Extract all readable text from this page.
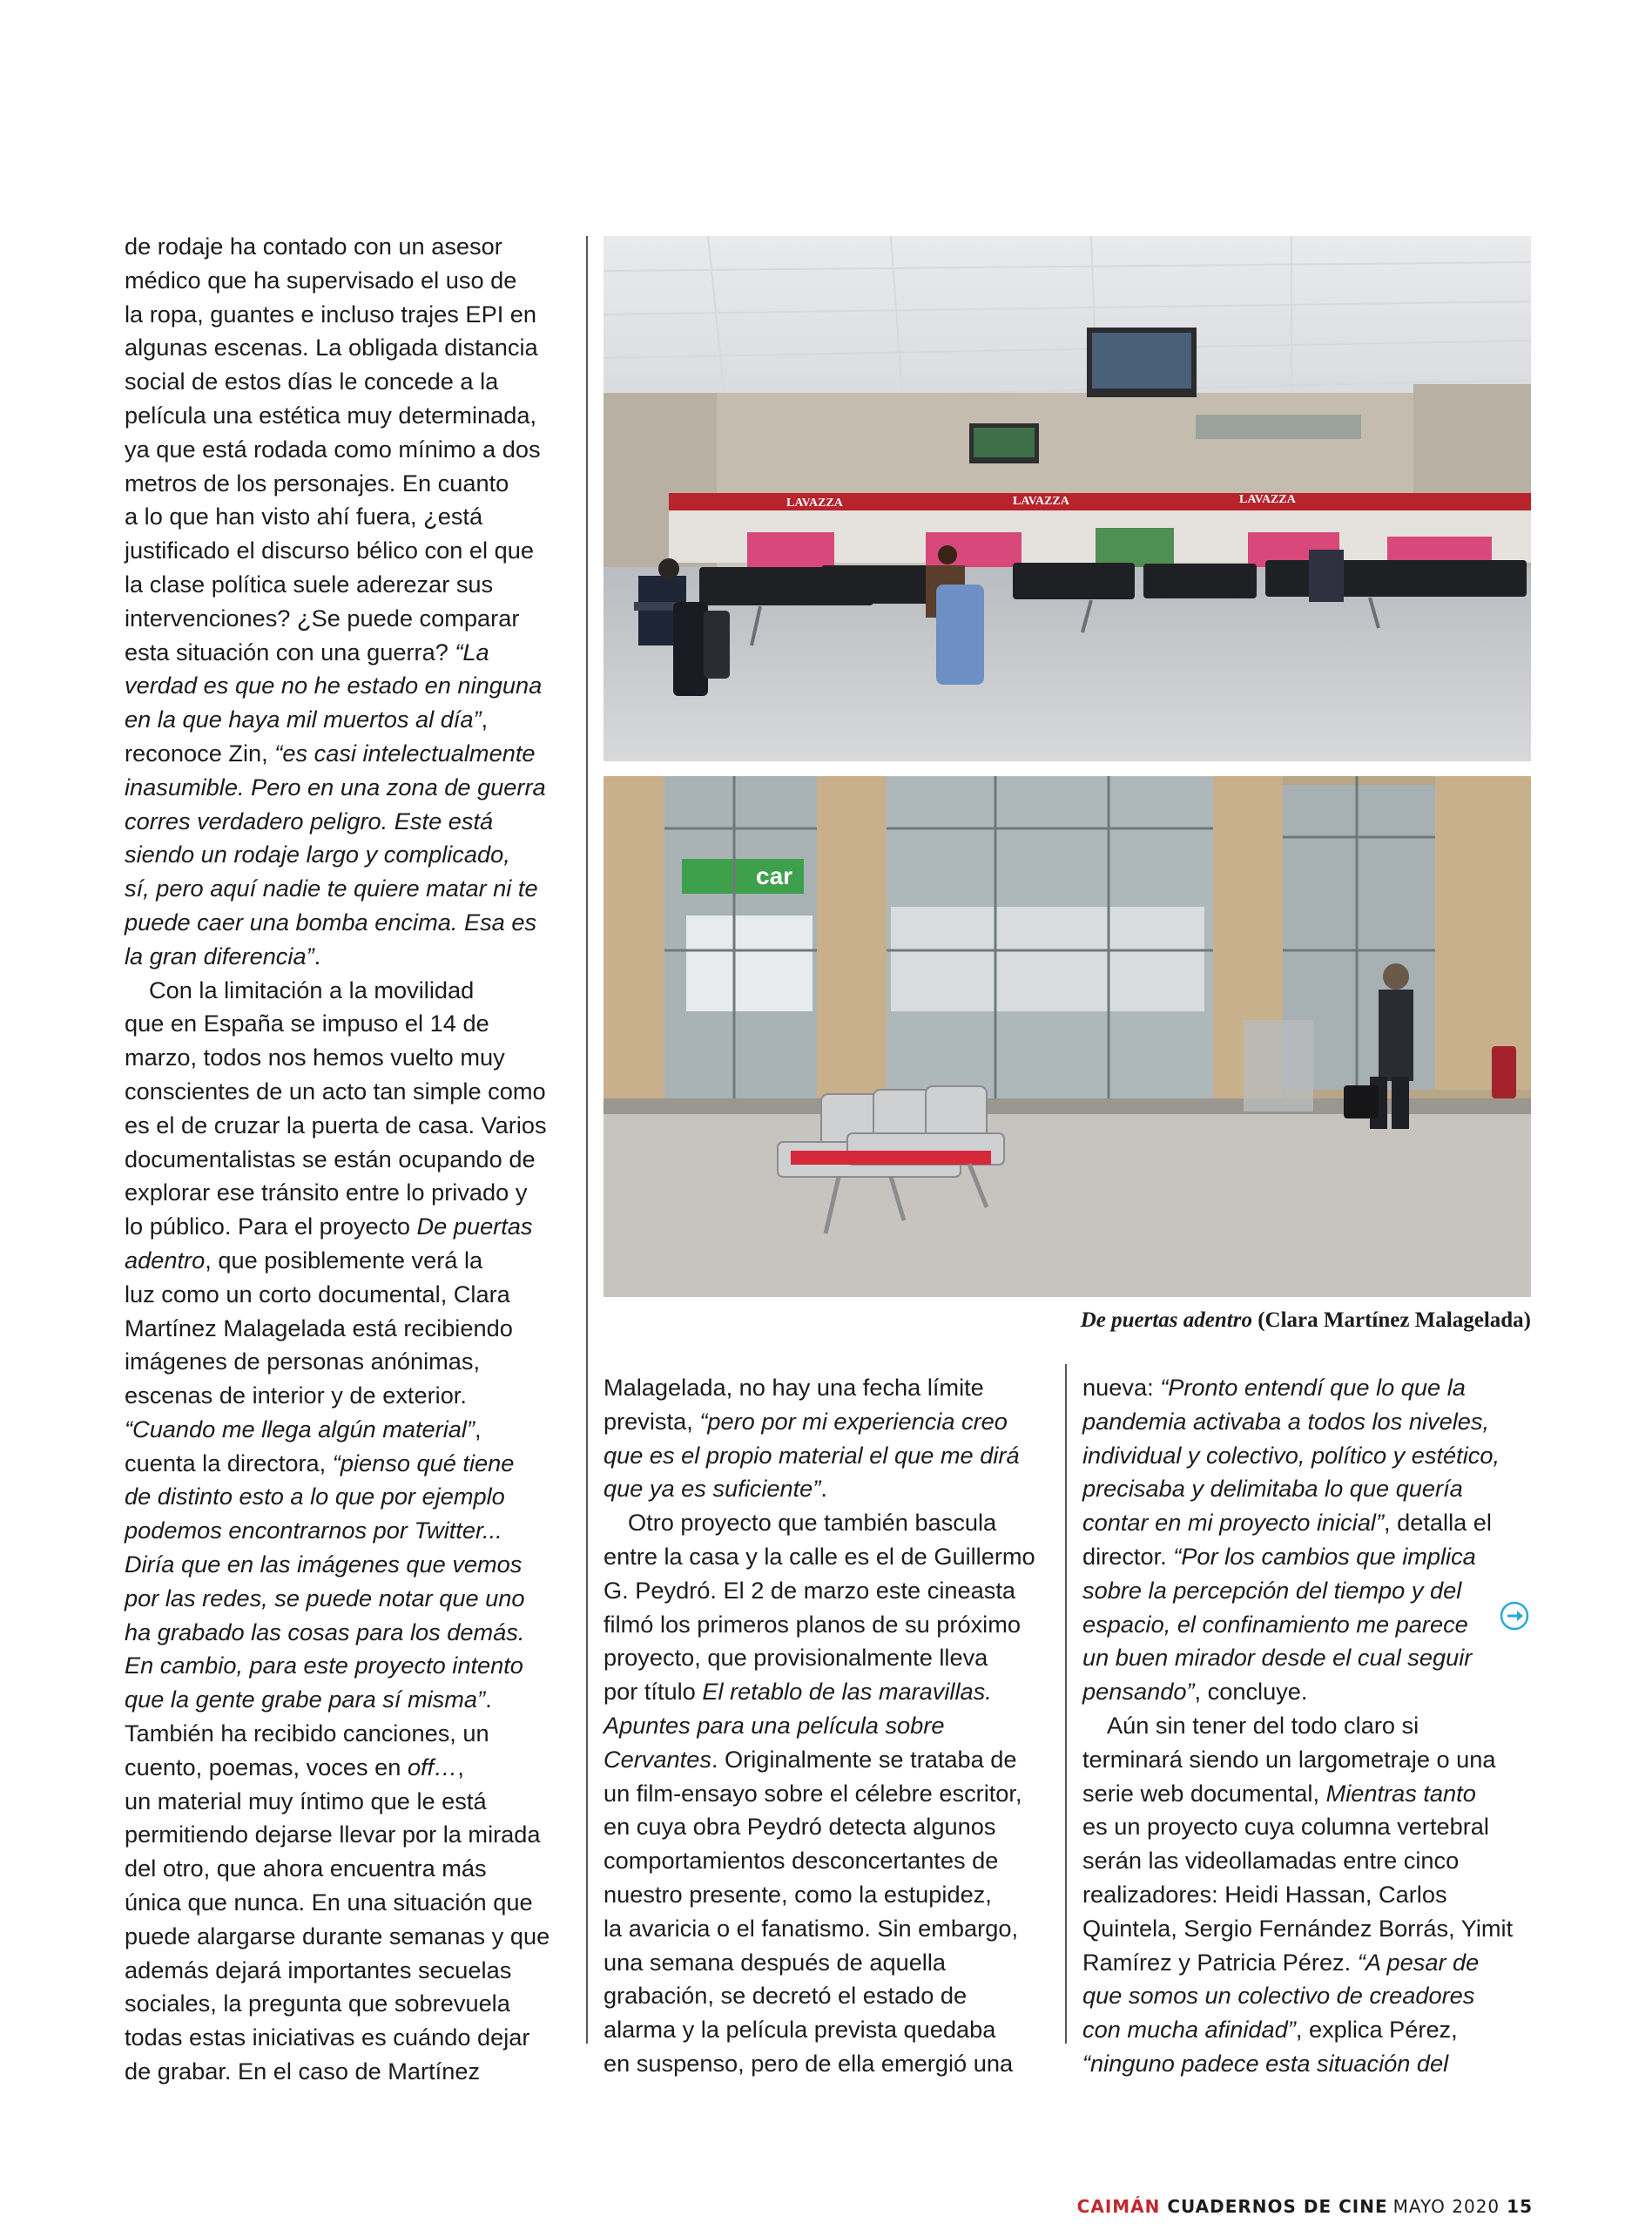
de rodaje ha contado con un asesor
médico que ha supervisado el uso de
la ropa, guantes e incluso trajes EPI en
algunas escenas. La obligada distancia
social de estos días le concede a la
película una estética muy determinada,
ya que está rodada como mínimo a dos
metros de los personajes. En cuanto
a lo que han visto ahí fuera, ¿está
justificado el discurso bélico con el que
la clase política suele aderezar sus
intervenciones? ¿Se puede comparar
esta situación con una guerra? “La
verdad es que no he estado en ninguna
en la que haya mil muertos al día”,
reconoce Zin, “es casi intelectualmente
inasumible. Pero en una zona de guerra
corres verdadero peligro. Este está
siendo un rodaje largo y complicado,
sí, pero aquí nadie te quiere matar ni te
puede caer una bomba encima. Esa es
la gran diferencia”.

Con la limitación a la movilidad
que en España se impuso el 14 de
marzo, todos nos hemos vuelto muy
conscientes de un acto tan simple como
es el de cruzar la puerta de casa. Varios
documentalistas se están ocupando de
explorar ese tránsito entre lo privado y
lo público. Para el proyecto De puertas
adentro, que posiblemente verá la
luz como un corto documental, Clara
Martínez Malagelada está recibiendo
imágenes de personas anónimas,
escenas de interior y de exterior.
“Cuando me llega algún material”,
cuenta la directora, “pienso qué tiene
de distinto esto a lo que por ejemplo
podemos encontrarnos por Twitter...
Diría que en las imágenes que vemos
por las redes, se puede notar que uno
ha grabado las cosas para los demás.
En cambio, para este proyecto intento
que la gente grabe para sí misma”.
También ha recibido canciones, un
cuento, poemas, voces en off…,
un material muy íntimo que le está
permitiendo dejarse llevar por la mirada
del otro, que ahora encuentra más
única que nunca. En una situación que
puede alargarse durante semanas y que
además dejará importantes secuelas
sociales, la pregunta que sobrevuela
todas estas iniciativas es cuándo dejar
de grabar. En el caso de Martínez

LAVAZZA	LAVAZZA	LAVAZZA
car
De puertas adentro (Clara Martínez Malagelada)

Malagelada, no hay una fecha límite
prevista, “pero por mi experiencia creo
que es el propio material el que me dirá
que ya es suficiente”.

Otro proyecto que también bascula
entre la casa y la calle es el de Guillermo
G. Peydró. El 2 de marzo este cineasta
filmó los primeros planos de su próximo
proyecto, que provisionalmente lleva
por título El retablo de las maravillas.
Apuntes para una película sobre
Cervantes. Originalmente se trataba de
un film-ensayo sobre el célebre escritor,
en cuya obra Peydró detecta algunos
comportamientos desconcertantes de
nuestro presente, como la estupidez,
la avaricia o el fanatismo. Sin embargo,
una semana después de aquella
grabación, se decretó el estado de
alarma y la película prevista quedaba
en suspenso, pero de ella emergió una

nueva: “Pronto entendí que lo que la
pandemia activaba a todos los niveles,
individual y colectivo, político y estético,
precisaba y delimitaba lo que quería
contar en mi proyecto inicial”, detalla el
director. “Por los cambios que implica
sobre la percepción del tiempo y del
espacio, el confinamiento me parece
un buen mirador desde el cual seguir
pensando”, concluye.

Aún sin tener del todo claro si
terminará siendo un largometraje o una
serie web documental, Mientras tanto
es un proyecto cuya columna vertebral
serán las videollamadas entre cinco
realizadores: Heidi Hassan, Carlos
Quintela, Sergio Fernández Borrás, Yimit
Ramírez y Patricia Pérez. “A pesar de
que somos un colectivo de creadores
con mucha afinidad”, explica Pérez,
“ninguno padece esta situación del

CAIMÁN CUADERNOS DE CINE MAYO 2020 15
